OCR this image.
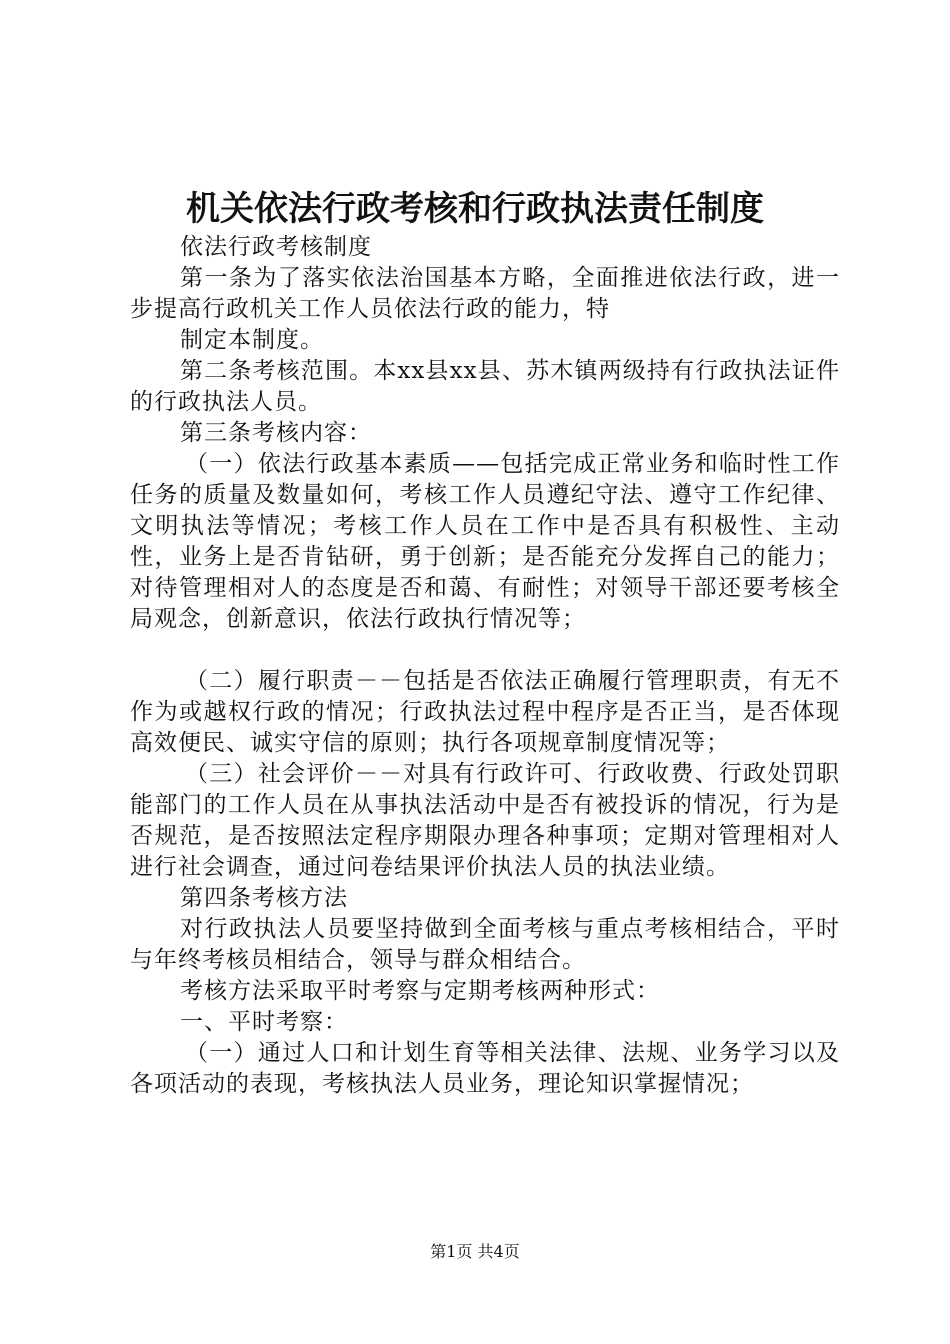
机关依法行政考核和行政执法责任制度

依法行政考核制度

第一条为了落实依法治国基本方略，全面推进依法行政，进一步提高行政机关工作人员依法行政的能力，特

制定本制度。

第二条考核范围。本xx县xx县、苏木镇两级持有行政执法证件的行政执法人员。

第三条考核内容：

（一）依法行政基本素质——包括完成正常业务和临时性工作任务的质量及数量如何，考核工作人员遵纪守法、遵守工作纪律、文明执法等情况；考核工作人员在工作中是否具有积极性、主动性，业务上是否肯钻研，勇于创新；是否能充分发挥自己的能力；对待管理相对人的态度是否和蔼、有耐性；对领导干部还要考核全局观念，创新意识，依法行政执行情况等；

（二）履行职责－－包括是否依法正确履行管理职责，有无不作为或越权行政的情况；行政执法过程中程序是否正当，是否体现高效便民、诚实守信的原则；执行各项规章制度情况等；

（三）社会评价－－对具有行政许可、行政收费、行政处罚职能部门的工作人员在从事执法活动中是否有被投诉的情况，行为是否规范，是否按照法定程序期限办理各种事项；定期对管理相对人进行社会调查，通过问卷结果评价执法人员的执法业绩。

第四条考核方法

对行政执法人员要坚持做到全面考核与重点考核相结合，平时与年终考核员相结合，领导与群众相结合。

考核方法采取平时考察与定期考核两种形式：

一、平时考察：

（一）通过人口和计划生育等相关法律、法规、业务学习以及各项活动的表现，考核执法人员业务，理论知识掌握情况；

第1页 共4页
